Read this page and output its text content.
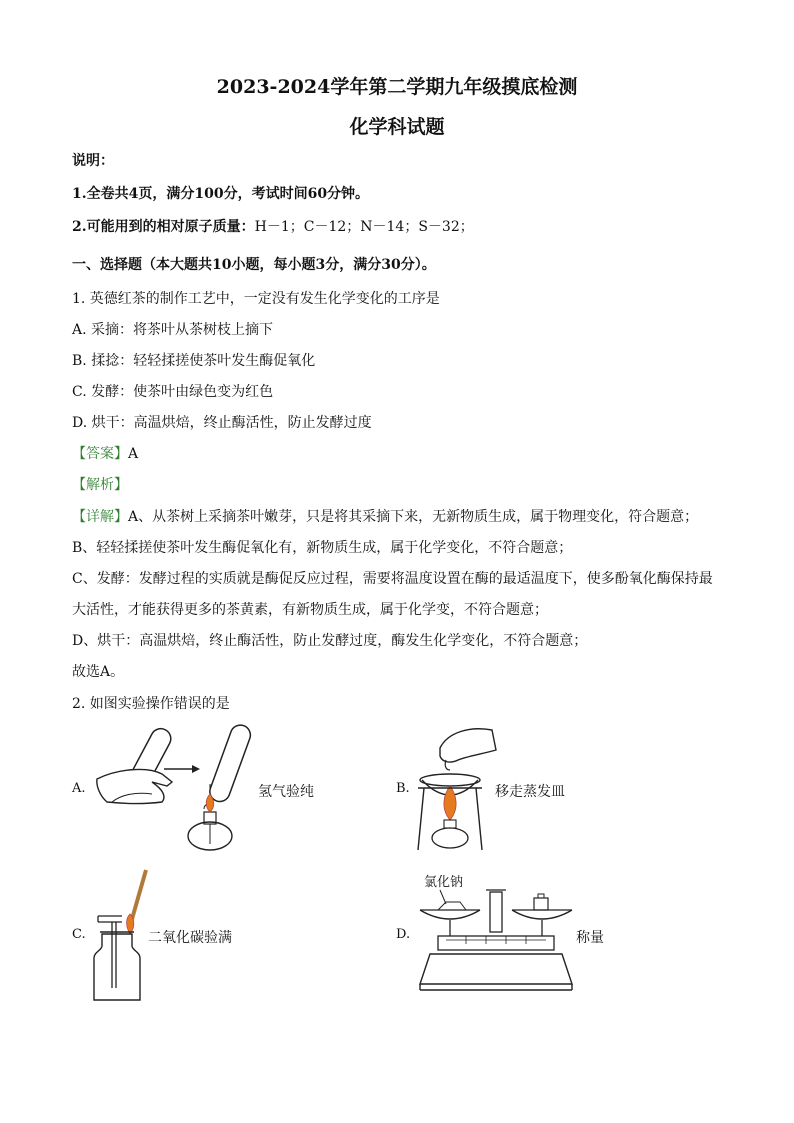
2023-2024学年第二学期九年级摸底检测
化学科试题
说明：
1.全卷共4页，满分100分，考试时间60分钟。
2.可能用到的相对原子质量：H－1；C－12；N－14；S－32；
一、选择题（本大题共10小题，每小题3分，满分30分）。
1. 英德红茶的制作工艺中，一定没有发生化学变化的工序是
A. 采摘：将茶叶从茶树枝上摘下
B. 揉捻：轻轻揉搓使茶叶发生酶促氧化
C. 发酵：使茶叶由绿色变为红色
D. 烘干：高温烘焙，终止酶活性，防止发酵过度
【答案】A
【解析】
【详解】A、从茶树上采摘茶叶嫩芽，只是将其采摘下来，无新物质生成，属于物理变化，符合题意；
B、轻轻揉搓使茶叶发生酶促氧化有，新物质生成，属于化学变化，不符合题意；
C、发酵：发酵过程的实质就是酶促反应过程，需要将温度设置在酶的最适温度下，使多酚氧化酶保持最
大活性，才能获得更多的茶黄素，有新物质生成，属于化学变，不符合题意；
D、烘干：高温烘焙，终止酶活性，防止发酵过度，酶发生化学变化，不符合题意；
故选A。
2. 如图实验操作错误的是
A.	氢气验纯	B.	移走蒸发皿
C.	二氧化碳验满	D.
氯化钠
称量
